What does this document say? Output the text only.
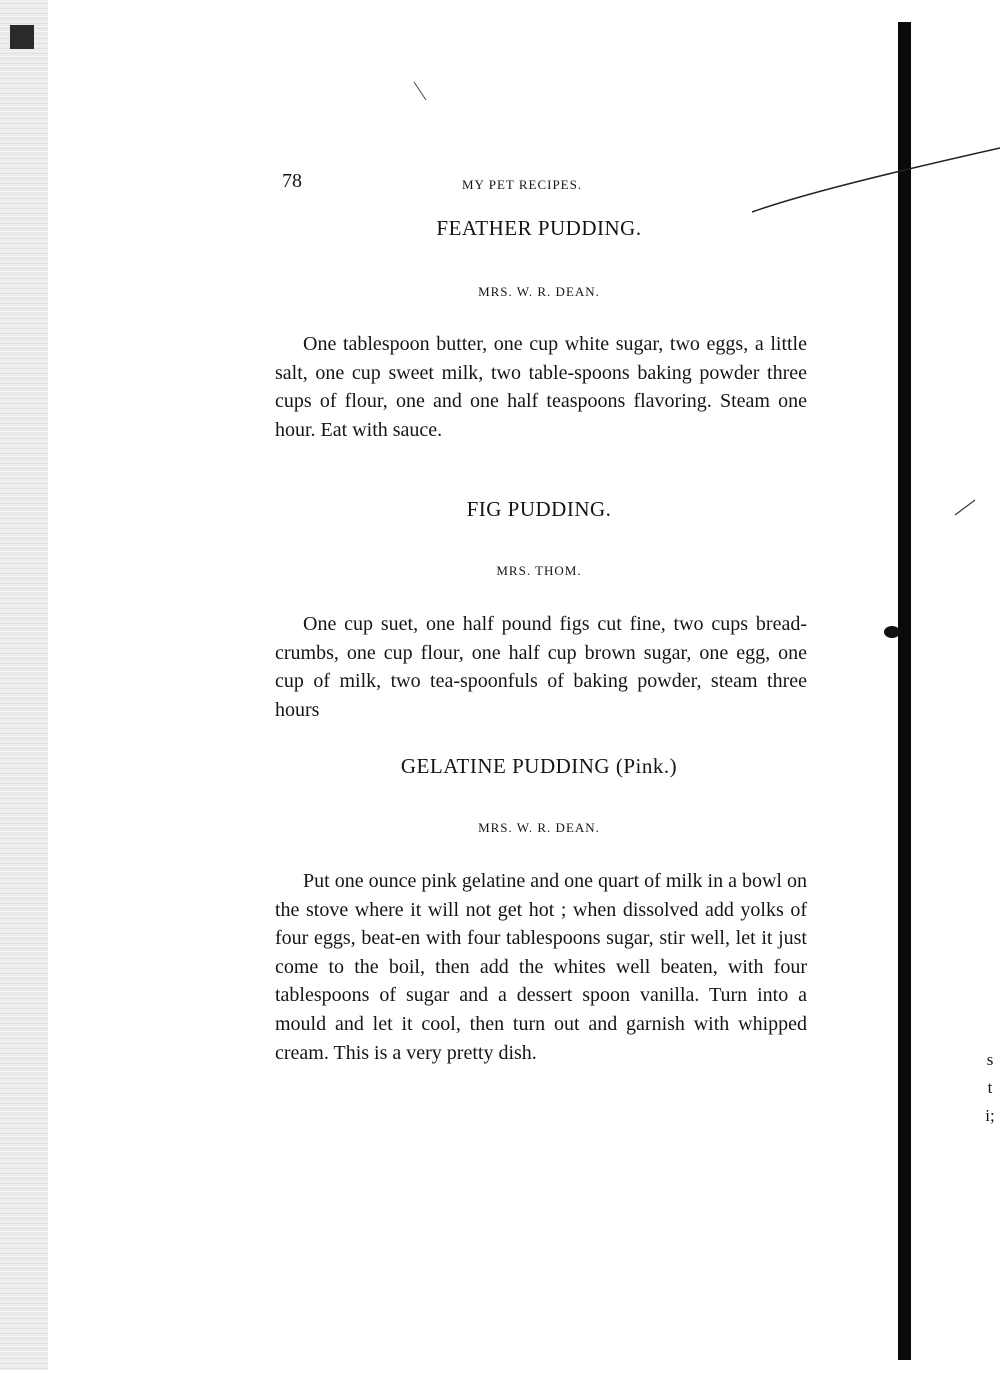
78	MY PET RECIPES.
FEATHER PUDDING.
MRS. W. R. DEAN.
One tablespoon butter, one cup white sugar, two eggs, a little salt, one cup sweet milk, two table-spoons baking powder three cups of flour, one and one half teaspoons flavoring. Steam one hour. Eat with sauce.
FIG PUDDING.
MRS. THOM.
One cup suet, one half pound figs cut fine, two cups bread-crumbs, one cup flour, one half cup brown sugar, one egg, one cup of milk, two tea-spoonfuls of baking powder, steam three hours
GELATINE PUDDING (Pink.)
MRS. W. R. DEAN.
Put one ounce pink gelatine and one quart of milk in a bowl on the stove where it will not get hot ; when dissolved add yolks of four eggs, beat-en with four tablespoons sugar, stir well, let it just come to the boil, then add the whites well beaten, with four tablespoons of sugar and a dessert spoon vanilla. Turn into a mould and let it cool, then turn out and garnish with whipped cream. This is a very pretty dish.	s
t
i;
